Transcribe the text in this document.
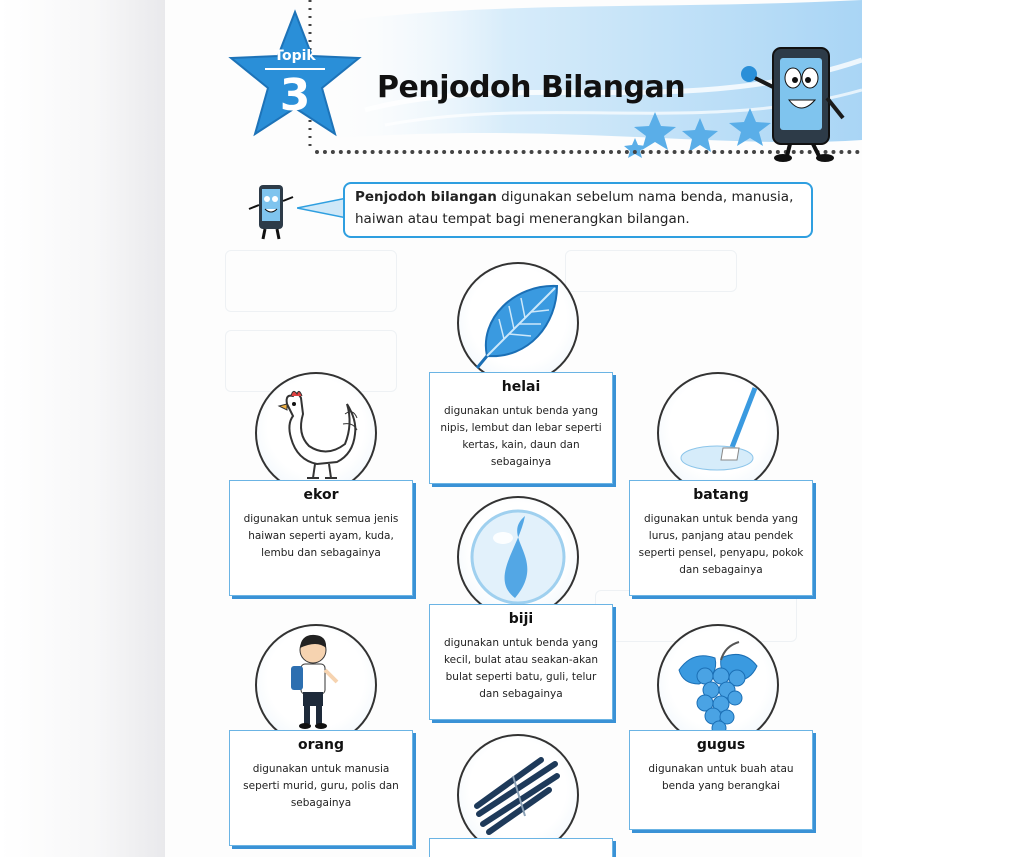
Topik
3	Penjodoh Bilangan
Penjodoh bilangan digunakan sebelum nama benda, manusia, haiwan atau tempat bagi menerangkan bilangan.
helai
digunakan untuk benda yang nipis, lembut dan lebar seperti kertas, kain, daun dan sebagainya
ekor
digunakan untuk semua jenis haiwan seperti ayam, kuda, lembu dan sebagainya
batang
digunakan untuk benda yang lurus, panjang atau pendek seperti pensel, penyapu, pokok dan sebagainya
biji
digunakan untuk benda yang kecil, bulat atau seakan-akan bulat seperti batu, guli, telur dan sebagainya
orang
digunakan untuk manusia seperti murid, guru, polis dan sebagainya
gugus
digunakan untuk buah atau benda yang berangkai
